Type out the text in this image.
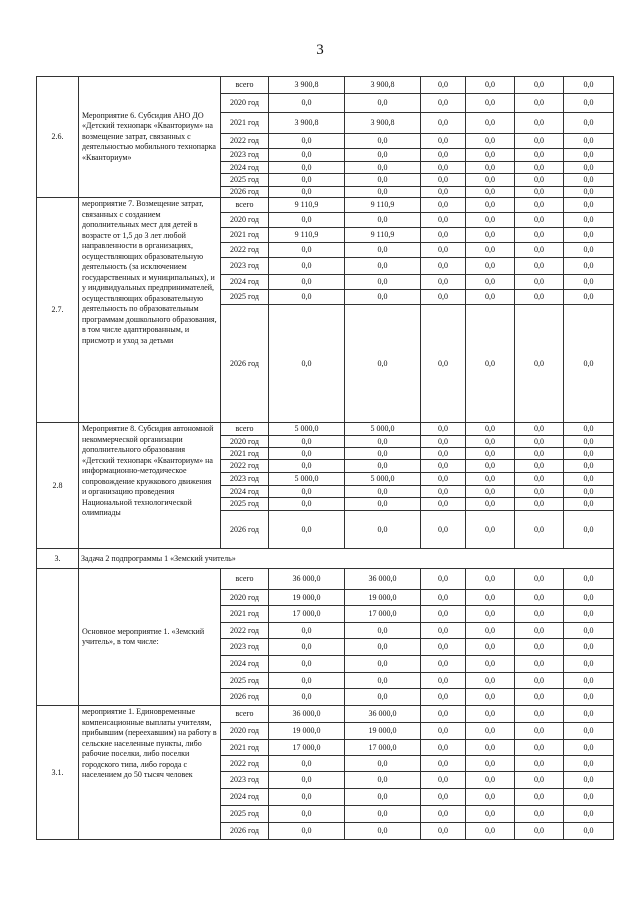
3
2.6.	Мероприятие 6. Субсидия АНО ДО «Детский технопарк «Кванториум» на возмещение затрат, связанных с деятельностью мобильного технопарка «Кванториум»	всего	3 900,8	3 900,8	0,0	0,0	0,0	0,0
		2020 год	0,0	0,0	0,0	0,0	0,0	0,0
		2021 год	3 900,8	3 900,8	0,0	0,0	0,0	0,0
		2022 год	0,0	0,0	0,0	0,0	0,0	0,0
		2023 год	0,0	0,0	0,0	0,0	0,0	0,0
		2024 год	0,0	0,0	0,0	0,0	0,0	0,0
		2025 год	0,0	0,0	0,0	0,0	0,0	0,0
		2026 год	0,0	0,0	0,0	0,0	0,0	0,0
2.7.	мероприятие 7. Возмещение затрат, связанных с созданием дополнительных мест для детей в возрасте от 1,5 до 3 лет любой направленности в организациях, осуществляющих образовательную деятельность (за исключением государственных и муниципальных), и у индивидуальных предпринимателей, осуществляющих образовательную деятельность по образовательным программам дошкольного образования, в том числе адаптированным, и присмотр и уход за детьми	всего	9 110,9	9 110,9	0,0	0,0	0,0	0,0
		2020 год	0,0	0,0	0,0	0,0	0,0	0,0
		2021 год	9 110,9	9 110,9	0,0	0,0	0,0	0,0
		2022 год	0,0	0,0	0,0	0,0	0,0	0,0
		2023 год	0,0	0,0	0,0	0,0	0,0	0,0
		2024 год	0,0	0,0	0,0	0,0	0,0	0,0
		2025 год	0,0	0,0	0,0	0,0	0,0	0,0
		2026 год	0,0	0,0	0,0	0,0	0,0	0,0
2.8	Мероприятие 8. Субсидия автономной некоммерческой организации дополнительного образования «Детский технопарк «Кванториум» на информационно-методическое сопровождение кружкового движения и организацию проведения Национальной технологической олимпиады	всего	5 000,0	5 000,0	0,0	0,0	0,0	0,0
		2020 год	0,0	0,0	0,0	0,0	0,0	0,0
		2021 год	0,0	0,0	0,0	0,0	0,0	0,0
		2022 год	0,0	0,0	0,0	0,0	0,0	0,0
		2023 год	5 000,0	5 000,0	0,0	0,0	0,0	0,0
		2024 год	0,0	0,0	0,0	0,0	0,0	0,0
		2025 год	0,0	0,0	0,0	0,0	0,0	0,0
		2026 год	0,0	0,0	0,0	0,0	0,0	0,0
3.	Задача 2 подпрограммы 1 «Земский учитель»							
	Основное мероприятие 1. «Земский учитель», в том числе:	всего	36 000,0	36 000,0	0,0	0,0	0,0	0,0
		2020 год	19 000,0	19 000,0	0,0	0,0	0,0	0,0
		2021 год	17 000,0	17 000,0	0,0	0,0	0,0	0,0
		2022 год	0,0	0,0	0,0	0,0	0,0	0,0
		2023 год	0,0	0,0	0,0	0,0	0,0	0,0
		2024 год	0,0	0,0	0,0	0,0	0,0	0,0
		2025 год	0,0	0,0	0,0	0,0	0,0	0,0
		2026 год	0,0	0,0	0,0	0,0	0,0	0,0
3.1.	мероприятие 1. Единовременные компенсационные выплаты учителям, прибывшим (переехавшим) на работу в сельские населенные пункты, либо рабочие поселки, либо поселки городского типа, либо города с населением до 50 тысяч человек	всего	36 000,0	36 000,0	0,0	0,0	0,0	0,0
		2020 год	19 000,0	19 000,0	0,0	0,0	0,0	0,0
		2021 год	17 000,0	17 000,0	0,0	0,0	0,0	0,0
		2022 год	0,0	0,0	0,0	0,0	0,0	0,0
		2023 год	0,0	0,0	0,0	0,0	0,0	0,0
		2024 год	0,0	0,0	0,0	0,0	0,0	0,0
		2025 год	0,0	0,0	0,0	0,0	0,0	0,0
		2026 год	0,0	0,0	0,0	0,0	0,0	0,0
